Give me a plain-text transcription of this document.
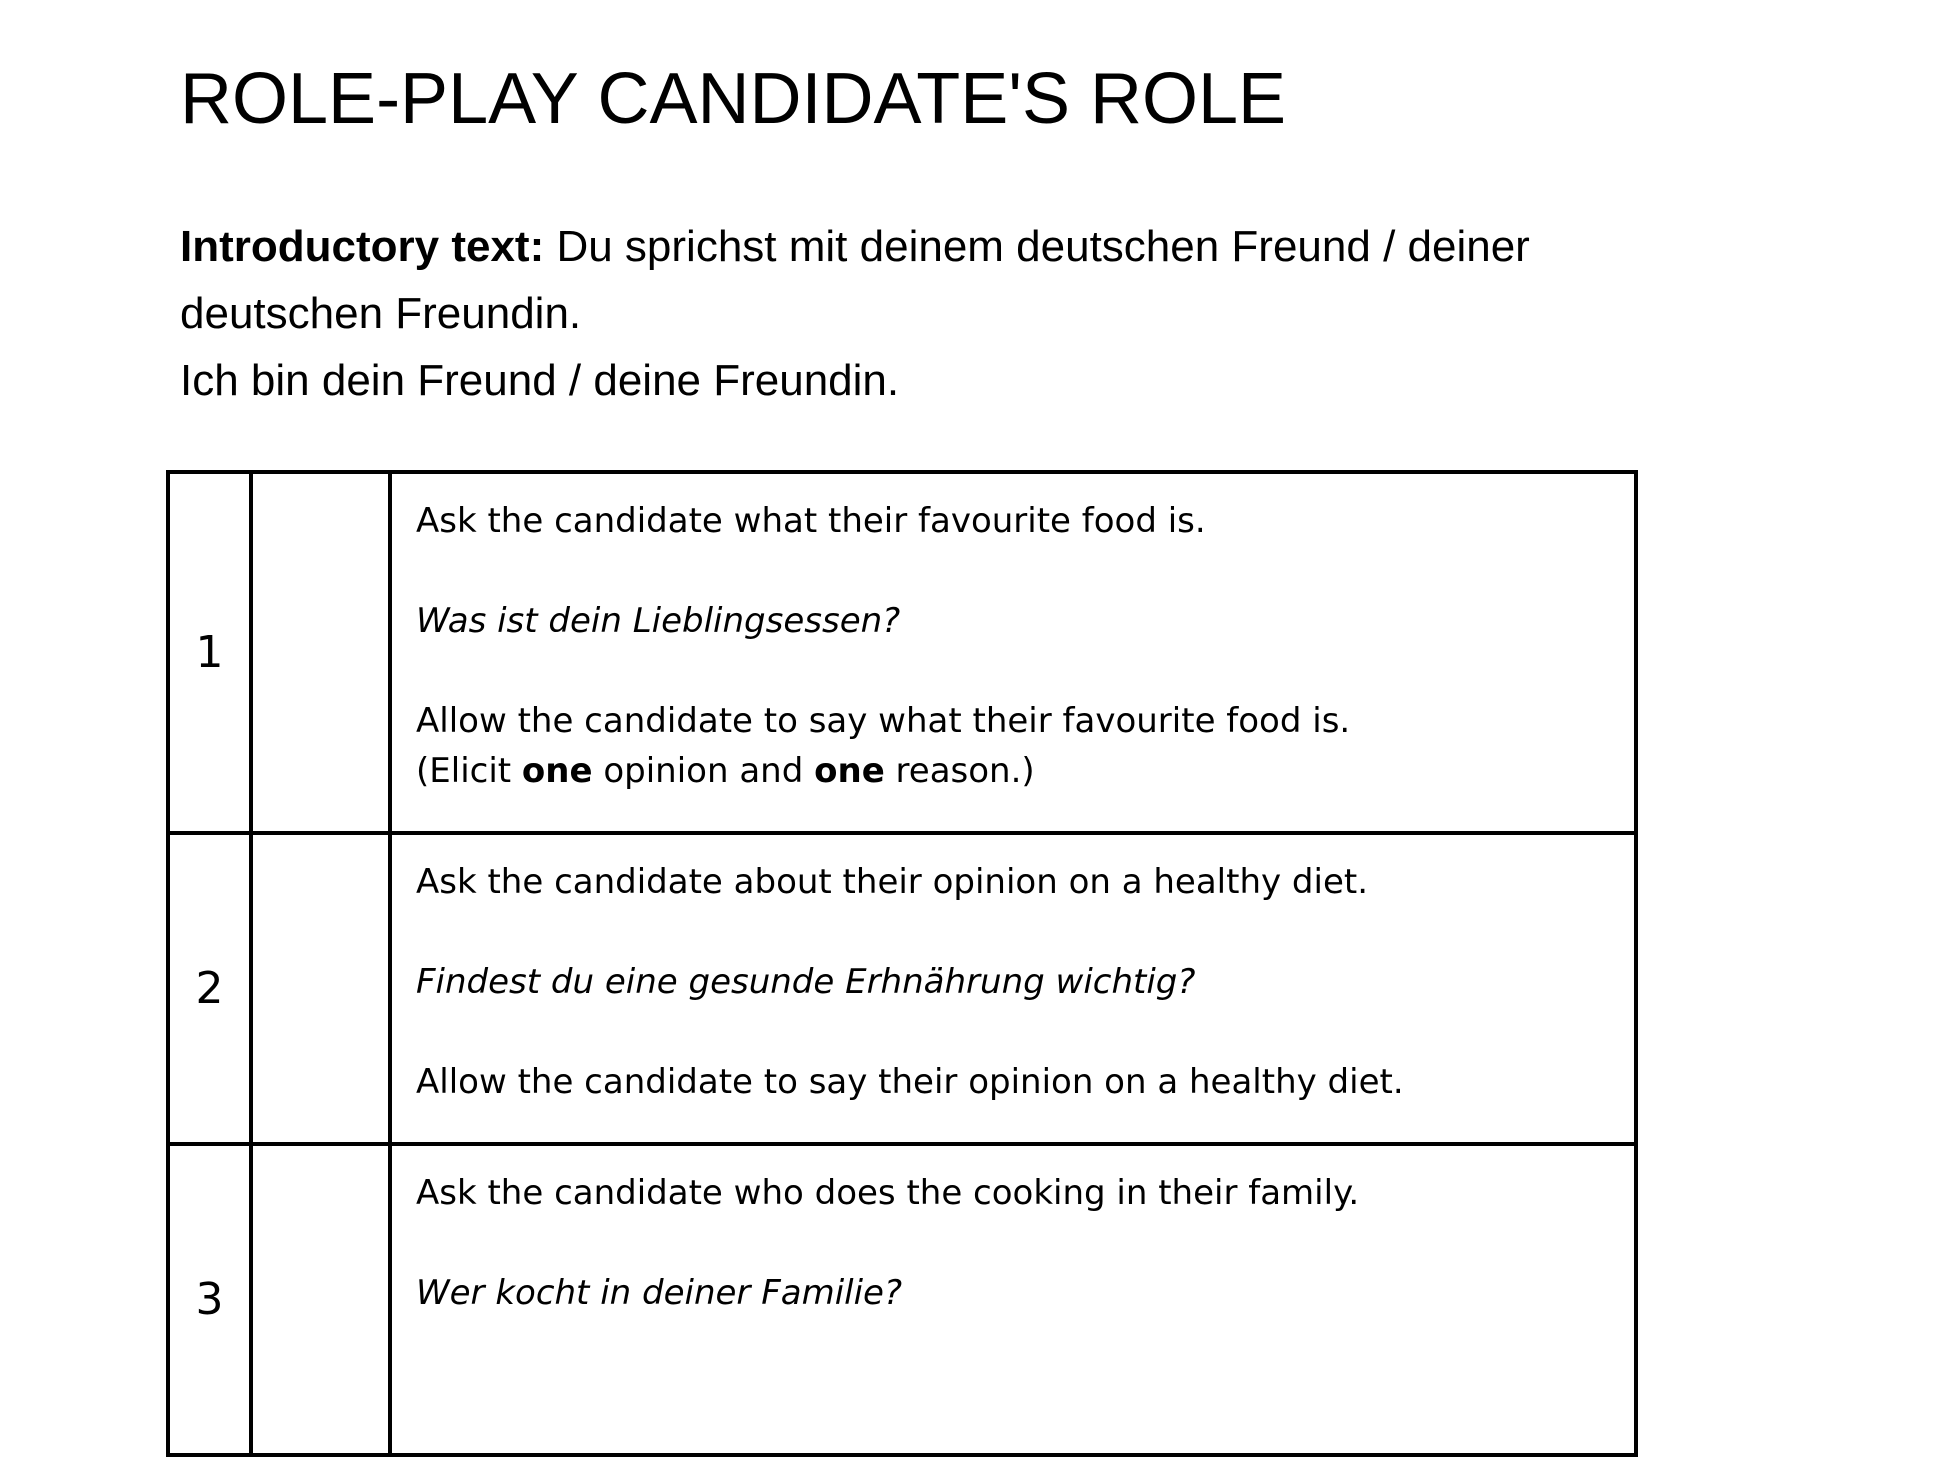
ROLE-PLAY CANDIDATE'S ROLE

Introductory text: Du sprichst mit deinem deutschen Freund / deiner deutschen Freundin.

Ich bin dein Freund / deine Freundin.

1		Ask the candidate what their favourite food is.
Was ist dein Lieblingsessen?
Allow the candidate to say what their favourite food is.
(Elicit one opinion and one reason.)

2		Ask the candidate about their opinion on a healthy diet.
Findest du eine gesunde Erhnährung wichtig?
Allow the candidate to say their opinion on a healthy diet.

3		Ask the candidate who does the cooking in their family.
Wer kocht in deiner Familie?
